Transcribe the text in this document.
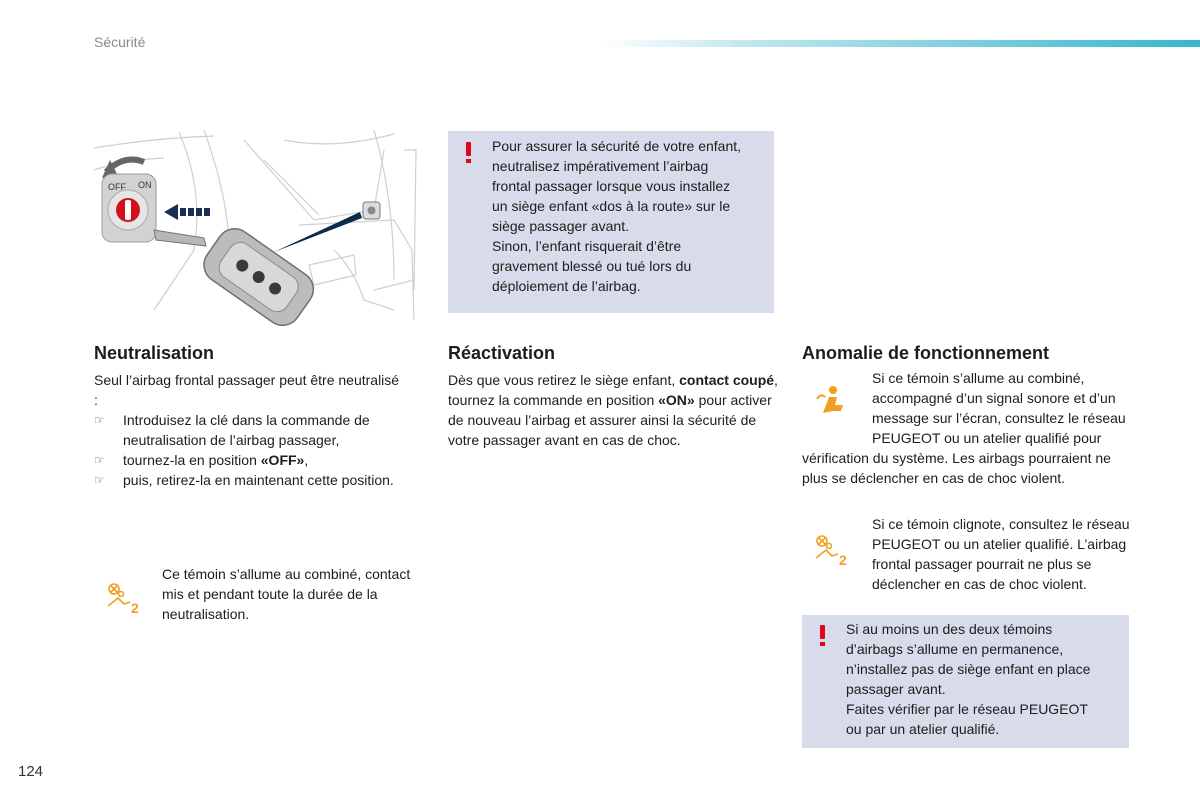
Sécurité
OFF ON

Pour assurer la sécurité de votre enfant,

neutralisez impérativement l’airbag

frontal passager lorsque vous installez

un siège enfant «dos à la route» sur le

siège passager avant.

Sinon, l’enfant risquerait d’être

gravement blessé ou tué lors du

déploiement de l’airbag.

Neutralisation

Seul l’airbag frontal passager peut être neutralisé :

☞ Introduisez la clé dans la commande de neutralisation de l’airbag passager,
☞ tournez-la en position «OFF»,
☞ puis, retirez-la en maintenant cette position.
2

Ce témoin s’allume au combiné, contact mis et pendant toute la durée de la neutralisation.

Réactivation

Dès que vous retirez le siège enfant, contact coupé, tournez la commande en position «ON» pour activer de nouveau l’airbag et assurer ainsi la sécurité de votre passager avant en cas de choc.

Anomalie de fonctionnement
Si ce témoin s’allume au combiné, accompagné d’un signal sonore et d’un message sur l’écran, consultez le réseau PEUGEOT ou un atelier qualifié pour vérification du système. Les airbags pourraient ne plus se déclencher en cas de choc violent.
2

Si ce témoin clignote, consultez le réseau PEUGEOT ou un atelier qualifié. L’airbag frontal passager pourrait ne plus se déclencher en cas de choc violent.

Si au moins un des deux témoins

d’airbags s’allume en permanence,

n’installez pas de siège enfant en place

passager avant.

Faites vérifier par le réseau PEUGEOT

ou par un atelier qualifié.

124
